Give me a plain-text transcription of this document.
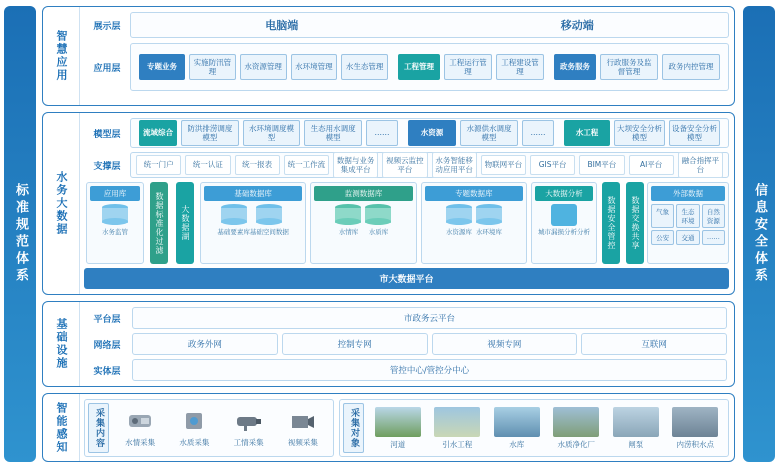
标准规范体系	信息安全体系
智慧应用
展示层	电脑端	移动端
应用层	专题业务
实施防汛管理
水资源管理	水环境管理	水生态管理	工程管理
工程运行管理
工程建设管理
政务服务
行政服务及监督管理
政务内控管理
水务大数据
模型层	流域综合
防洪排涝调度模型
水环境调度模型
生态用水调度模型
……	水资源
水源供水调度模型
……	水工程
大坝安全分析模型
设备安全分析模型
支撑层	统一门户	统一认证	统一报表	统一工作流
数据与业务集成平台
视频云监控平台
水务智能移动应用平台
物联网平台	GIS平台	BIM平台	AI平台
融合指挥平台
应用库
水务监管	数据标准化过滤	大数据湖
基础数据库
基础要素库 基础空间数据
监测数据库
水情库 水质库
专题数据库
水资源库 水环境库
大数据分析
城市漏损分析分析	数据安全管控	数据交换共享
外部数据
气象	生态环境
自然资源
公安	交通	……
市大数据平台
基础设施	平台层	市政务云平台
网络层	政务外网	控制专网	视频专网	互联网
实体层	管控中心/管控分中心
智能感知	采集内容	水情采集	水质采集	工情采集	视频采集	采集对象	河道	引水工程	水库	水质净化厂	闸泵	内涝积水点
